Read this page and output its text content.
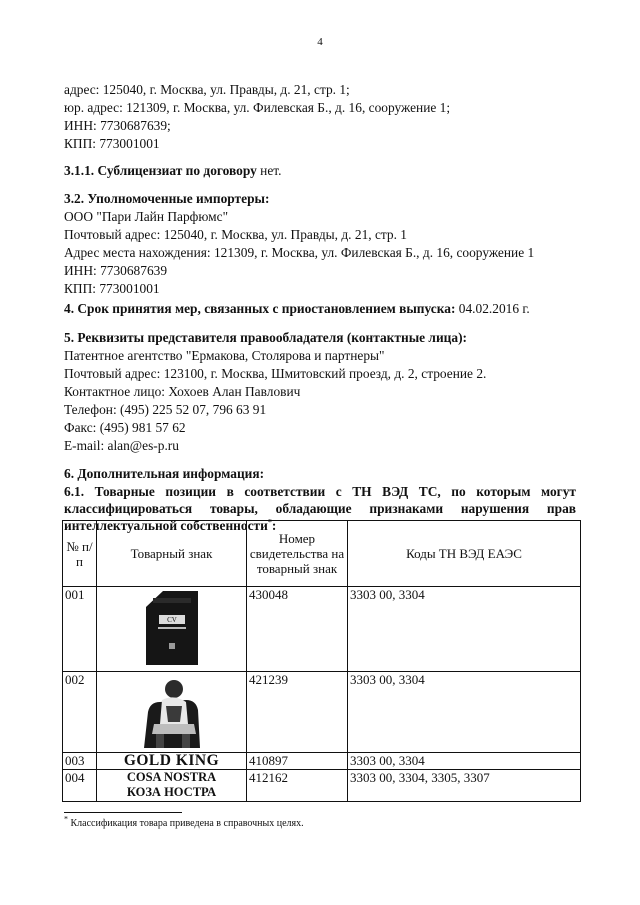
4
адрес: 125040, г. Москва, ул. Правды, д. 21, стр. 1;
юр. адрес: 121309, г. Москва, ул. Филевская Б., д. 16, сооружение 1;
ИНН: 7730687639;
КПП: 773001001
3.1.1. Сублицензиат по договору нет.
3.2. Уполномоченные импортеры:
ООО "Пари Лайн Парфюмс"
Почтовый адрес: 125040, г. Москва, ул. Правды, д. 21, стр. 1
Адрес места нахождения: 121309, г. Москва, ул. Филевская Б., д. 16, сооружение 1
ИНН: 7730687639
КПП: 773001001
4. Срок принятия мер, связанных с приостановлением выпуска: 04.02.2016 г.
5. Реквизиты представителя правообладателя (контактные лица):
Патентное агентство "Ермакова, Столярова и партнеры"
Почтовый адрес: 123100, г. Москва, Шмитовский проезд, д. 2, строение 2.
Контактное лицо: Хохоев Алан Павлович
Телефон: (495) 225 52 07, 796 63 91
Факс: (495) 981 57 62
E-mail: alan@es-p.ru
6. Дополнительная информация:
6.1. Товарные позиции в соответствии с ТН ВЭД ТС, по которым могут классифицироваться товары, обладающие признаками нарушения прав интеллектуальной собственности*:
№ п/п	Товарный знак	Номер свидетельства на товарный знак	Коды ТН ВЭД ЕАЭС
001	CV	430048	3303 00, 3304
002		421239	3303 00, 3304
003	GOLD KING	410897	3303 00, 3304
004	COSA NOSTRA
КОЗА НОСТРА	412162	3303 00, 3304, 3305, 3307
* Классификация товара приведена в справочных целях.
